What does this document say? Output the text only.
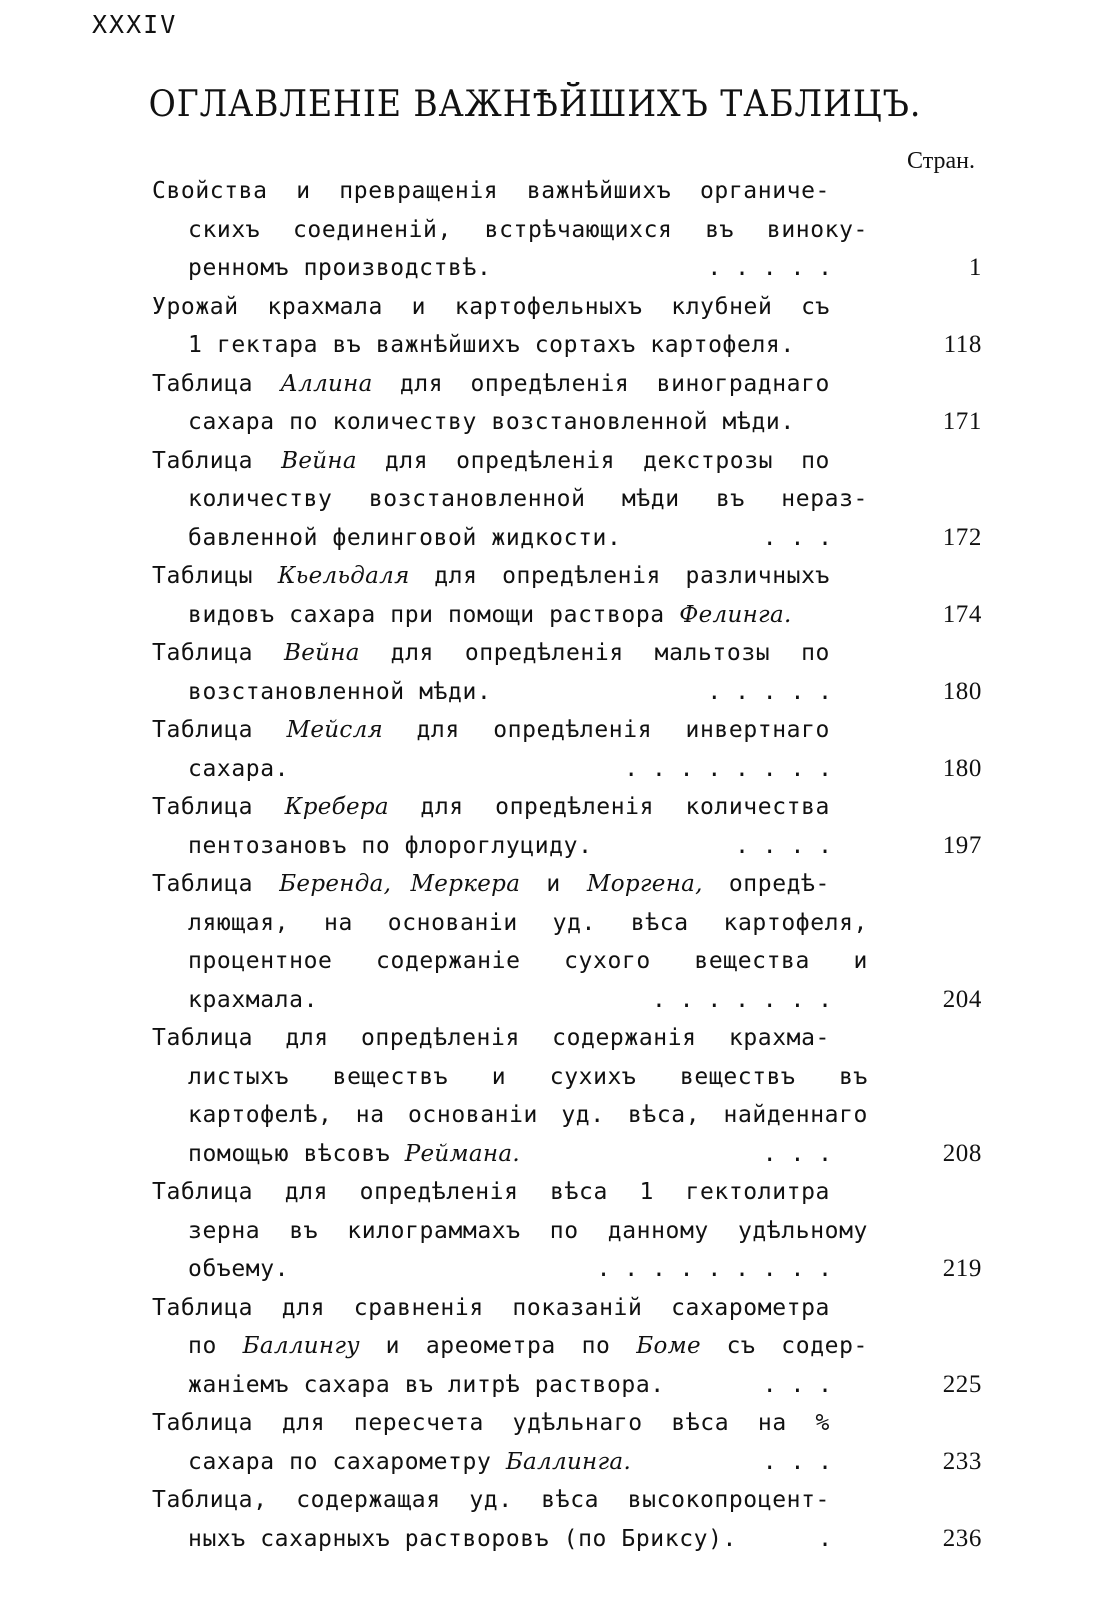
XXXIV
ОГЛАВЛЕНІЕ ВАЖНѢЙШИХЪ ТАБЛИЦЪ.
Стран.
Свойства и превращенія важнѣйшихъ органиче-
скихъ соединеній, встрѣчающихся въ виноку-
ренномъ производствѣ.	. . . . .	1
Урожай крахмала и картофельныхъ клубней съ
1 гектара въ важнѣйшихъ сортахъ картофеля.	118
Таблица Аллина для опредѣленія винограднаго
сахара по количеству возстановленной мѣди.	171
Таблица Вейна для опредѣленія декстрозы по
количеству возстановленной мѣди въ нераз-
бавленной фелинговой жидкости.	. . .	172
Таблицы Кьельдаля для опредѣленія различныхъ
видовъ сахара при помощи раствора Фелинга.	174
Таблица Вейна для опредѣленія мальтозы по
возстановленной мѣди.	. . . . .	180
Таблица Мейсля для опредѣленія инвертнаго
сахара.	. . . . . . . .	180
Таблица Кребера для опредѣленія количества
пентозановъ по флороглуциду.	. . . .	197
Таблица Беренда, Меркера и Моргена, опредѣ-
ляющая, на основаніи уд. вѣса картофеля,
процентное содержаніе сухого вещества и
крахмала.	. . . . . . .	204
Таблица для опредѣленія содержанія крахма-
листыхъ веществъ и сухихъ веществъ въ
картофелѣ, на основаніи уд. вѣса, найденнаго
помощью вѣсовъ Реймана.	. . .	208
Таблица для опредѣленія вѣса 1 гектолитра
зерна въ килограммахъ по данному удѣльному
объему.	. . . . . . . . .	219
Таблица для сравненія показаній сахарометра
по Баллингу и ареометра по Боме съ содер-
жаніемъ сахара въ литрѣ раствора.	. . .	225
Таблица для пересчета удѣльнаго вѣса на %
сахара по сахарометру Баллинга.	. . .	233
Таблица, содержащая уд. вѣса высокопроцент-
ныхъ сахарныхъ растворовъ (по Бриксу).	.	236
